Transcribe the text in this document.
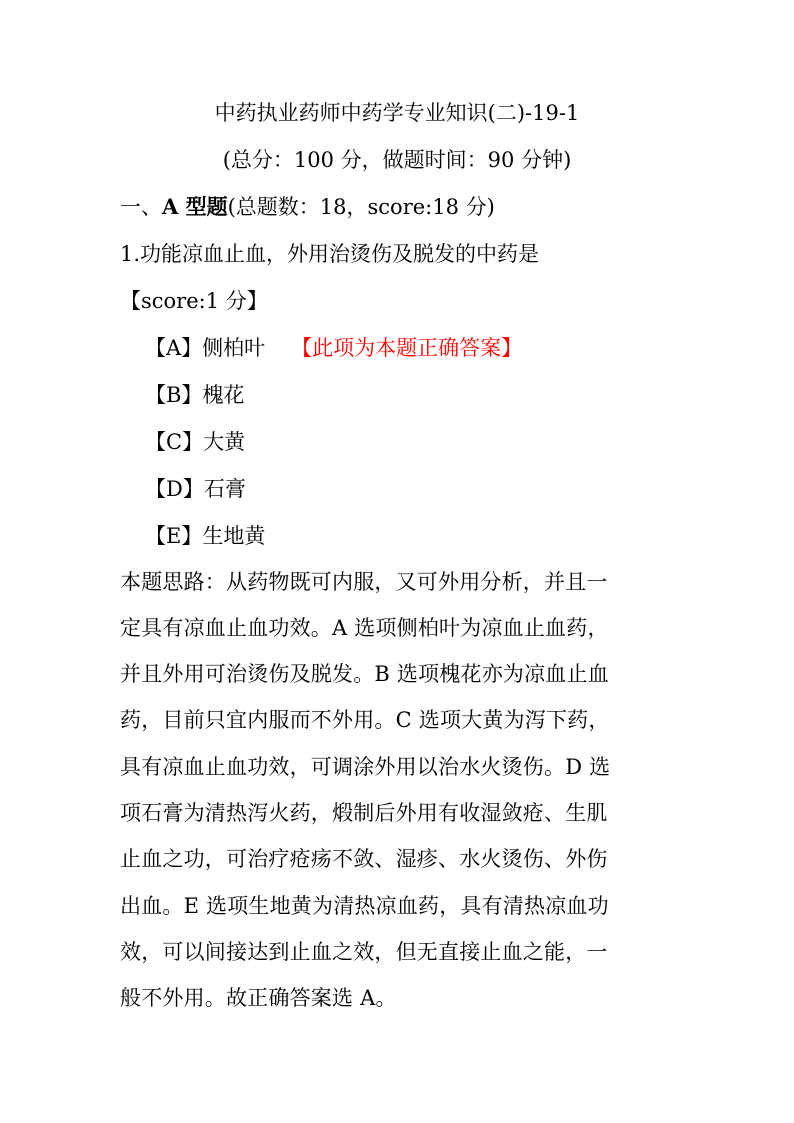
中药执业药师中药学专业知识(二)-19-1
(总分：100 分，做题时间：90 分钟)
一、A 型题(总题数：18，score:18 分)
1.功能凉血止血，外用治烫伤及脱发的中药是
【score:1 分】
【A】侧柏叶 【此项为本题正确答案】
【B】槐花
【C】大黄
【D】石膏
【E】生地黄
本题思路：从药物既可内服，又可外用分析，并且一
定具有凉血止血功效。A 选项侧柏叶为凉血止血药，
并且外用可治烫伤及脱发。B 选项槐花亦为凉血止血
药，目前只宜内服而不外用。C 选项大黄为泻下药，
具有凉血止血功效，可调涂外用以治水火烫伤。D 选
项石膏为清热泻火药，煅制后外用有收湿敛疮、生肌
止血之功，可治疗疮疡不敛、湿疹、水火烫伤、外伤
出血。E 选项生地黄为清热凉血药，具有清热凉血功
效，可以间接达到止血之效，但无直接止血之能，一
般不外用。故正确答案选 A。
